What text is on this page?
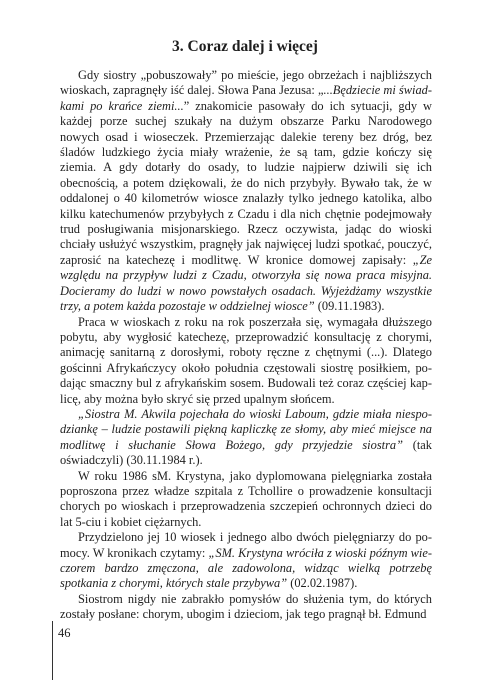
3. Coraz dalej i więcej

Gdy siostry „pobuszowały” po mieście, jego obrzeżach i najbliższych wioskach, zapragnęły iść dalej. Słowa Pana Jezusa: „...Będziecie mi świadkami po krańce ziemi...” znakomicie pasowały do ich sytuacji, gdy w każdej porze suchej szukały na dużym obszarze Parku Narodowego nowych osad i wioseczek. Przemierzając dalekie tereny bez dróg, bez śladów ludzkiego życia miały wrażenie, że są tam, gdzie kończy się ziemia. A gdy dotarły do osady, to ludzie najpierw dziwili się ich obecnością, a potem dziękowali, że do nich przybyły. Bywało tak, że w oddalonej o 40 kilometrów wiosce znalazły tylko jednego katolika, albo kilku katechumenów przybyłych z Czadu i dla nich chętnie podejmowały trud posługiwania misjonarskiego. Rzecz oczywista, jadąc do wioski chciały usłużyć wszystkim, pragnęły jak najwięcej ludzi spotkać, pouczyć, zaprosić na katechezę i modlitwę. W kronice domowej zapisały: „Ze względu na przypływ ludzi z Czadu, otworzyła się nowa praca misyjna. Docieramy do ludzi w nowo powstałych osadach. Wyjeżdżamy wszystkie trzy, a potem każda pozostaje w oddzielnej wiosce” (09.11.1983).

Praca w wioskach z roku na rok poszerzała się, wymagała dłuższego pobytu, aby wygłosić katechezę, przeprowadzić konsultację z chorymi, animację sanitarną z dorosłymi, roboty ręczne z chętnymi (...). Dlatego gościnni Afrykańczycy około południa częstowali siostrę posiłkiem, podając smaczny bul z afrykańskim sosem. Budowali też coraz częściej kaplicę, aby można było skryć się przed upalnym słońcem.

„Siostra M. Akwila pojechała do wioski Laboum, gdzie miała niespodziankę – ludzie postawili piękną kapliczkę ze słomy, aby mieć miejsce na modlitwę i słuchanie Słowa Bożego, gdy przyjedzie siostra” (tak oświadczyli) (30.11.1984 r.).

W roku 1986 sM. Krystyna, jako dyplomowana pielęgniarka została poproszona przez władze szpitala z Tchollire o prowadzenie konsultacji chorych po wioskach i przeprowadzenia szczepień ochronnych dzieci do lat 5-ciu i kobiet ciężarnych.

Przydzielono jej 10 wiosek i jednego albo dwóch pielęgniarzy do pomocy. W kronikach czytamy: „SM. Krystyna wróciła z wioski późnym wieczorem bardzo zmęczona, ale zadowolona, widząc wielką potrzebę spotkania z chorymi, których stale przybywa” (02.02.1987).

Siostrom nigdy nie zabrakło pomysłów do służenia tym, do których zostały posłane: chorym, ubogim i dzieciom, jak tego pragnął bł. Edmund

46
